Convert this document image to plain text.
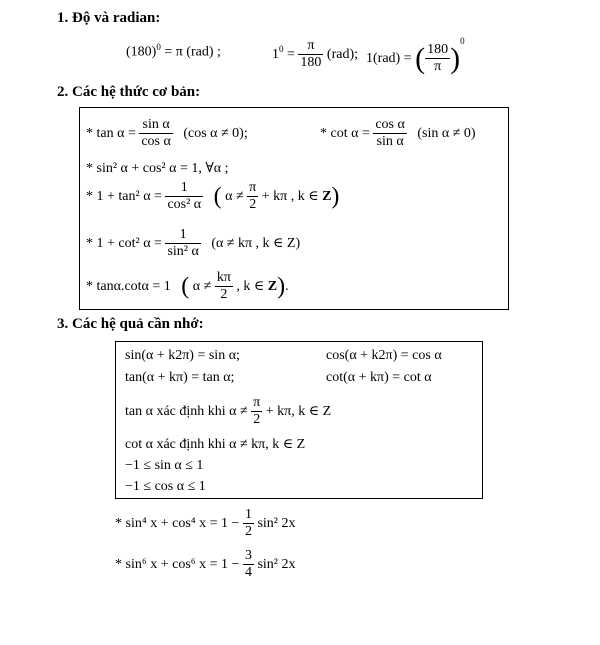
1. Độ và radian:
$(180)^0 = \pi$ (rad) ;	$1^0 = \frac{\pi}{180} (rad)$; 1(rad) = ( $\frac{180}{\pi} )^0$
2. Các hệ thức cơ bản:
* $\tan \alpha = \frac{\text{sin α}}{\text{cos α}} (\cos$ α ≠ 0);	* $\cot \alpha = \frac{\text{cos α}}{\text{sin α}} (\sin$ α ≠ 0)
* sin² α + cos² α = 1, ∀α ;
* 1 + tan² $\alpha = \frac{1}{\text{cos² α}}$ ( $\alpha \ne \frac{\pi}{2} + k\pi$ , k ∈ Z)
* 1 + cot² $\alpha = \frac{1}{\text{sin² α}} (\alpha \ne k\pi$ , k ∈ Z)
* tanα.cotα = 1 ( $\alpha \ne \frac{k\pi}{2}$ , k ∈ Z).
3. Các hệ quả cần nhớ:
sin(α + k2π) = sin α;	cos(α + k2π) = cos α
tan(α + kπ) = tan α;	cot(α + kπ) = cot α
tan α xác định khi $\alpha \ne \frac{\pi}{2} + k\pi$, k ∈ Z
cot α xác định khi α ≠ kπ, k ∈ Z
−1 ≤ sin α ≤ 1
−1 ≤ cos α ≤ 1
* sin⁴ x + cos⁴ $x = 1 - \frac{1}{2} \sin^2$ 2x
* sin⁶ x + cos⁶ $x = 1 - \frac{3}{4} \sin^2$ 2x
